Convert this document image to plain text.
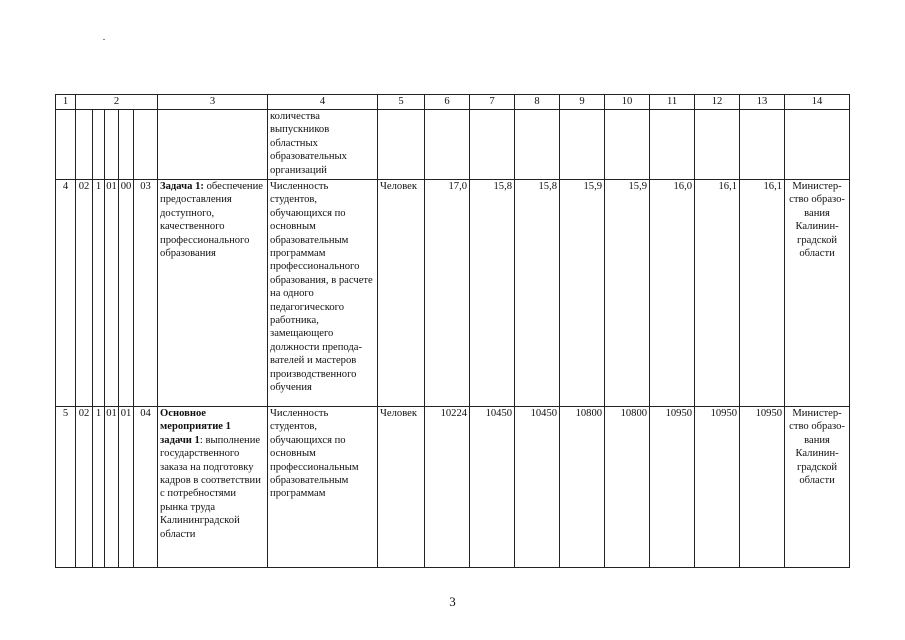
1	2					3	4	5	6	7	8	9	10	11	12	13	14
							количества выпускников областных образовательных организаций										
4	02	1	01	00	03	Задача 1: обеспечение предоставления доступного, качественного профессионального образования	Численность студентов, обучающихся по основным образовательным программам профессионального образования, в расчете на одного педагогического работника, замещающего должности препода-вателей и мастеров производственного обучения	Человек	17,0	15,8	15,8	15,9	15,9	16,0	16,1	16,1	Министер-ство образо-вания Калинин-градской области
5	02	1	01	01	04	Основное мероприятие 1 задачи 1: выполнение государственного заказа на подготовку кадров в соответствии с потребностями рынка труда Калининградской области	Численность студентов, обучающихся по основным профессиональным образовательным программам	Человек	10224	10450	10450	10800	10800	10950	10950	10950	Министер-ство образо-вания Калинин-градской области
3
